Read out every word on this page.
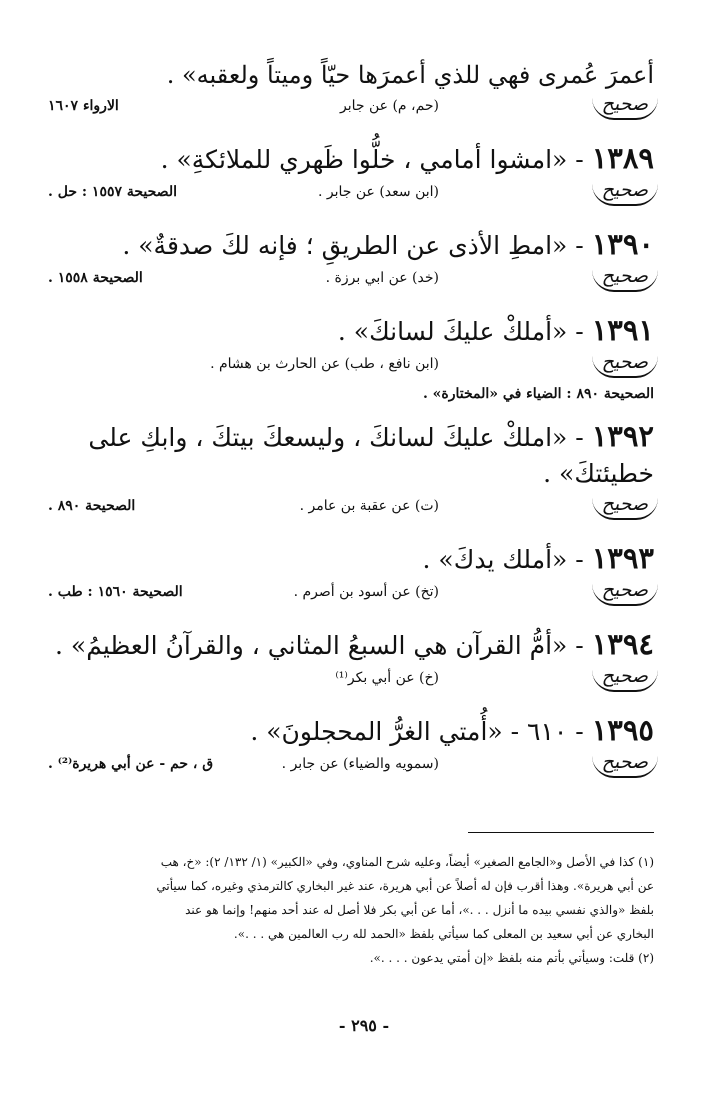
أعمرَ عُمرى فهي للذي أعمرَها حيّاً وميتاً ولعقبه» .
صحيح
(حم، م) عن جابر
الارواء ١٦٠٧
١٣٨٩ - «امشوا أمامي ، خلُّوا ظَهري للملائكةِ» .
صحيح
(ابن سعد) عن جابر .
الصحيحة ١٥٥٧ : حل .
١٣٩٠ - «امطِ الأذى عن الطريقِ ؛ فإنه لكَ صدقةٌ» .
صحيح
(خد) عن ابي برزة .
الصحيحة ١٥٥٨ .
١٣٩١ - «أملكْ عليكَ لسانكَ» .
صحيح
(ابن نافع ، طب) عن الحارث بن هشام .
الصحيحة ٨٩٠ : الضياء في «المختارة» .
١٣٩٢ - «املكْ عليكَ لسانكَ ، وليسعكَ بيتكَ ، وابكِ على
خطيئتكَ» .
صحيح
(ت) عن عقبة بن عامر .
الصحيحة ٨٩٠ .
١٣٩٣ - «أملك يدكَ» .
صحيح
(تخ) عن أسود بن أصرم .
الصحيحة ١٥٦٠ : طب .
١٣٩٤ - «أمُّ القرآن هي السبعُ المثاني ، والقرآنُ العظيمُ» .
صحيح
(خ) عن أبي بكر⁽¹⁾
١٣٩٥ - ٦١٠ - «أُمتي الغرُّ المحجلونَ» .
صحيح
(سمويه والضياء) عن جابر .
ق ، حم - عن أبي هريرة⁽²⁾ .
(١) كذا في الأصل و«الجامع الصغير» أيضاً، وعليه شرح المناوي، وفي «الكبير» (١/ ١٣٢/ ٢): «خ، هب
عن أبي هريرة». وهذا أقرب فإن له أصلاً عن أبي هريرة، عند غير البخاري كالترمذي وغيره، كما سيأتي
بلفظ «والذي نفسي بيده ما أنزل . . .»، أما عن أبي بكر فلا أصل له عند أحد منهم! وإنما هو عند
البخاري عن أبي سعيد بن المعلى كما سيأتي بلفظ «الحمد لله رب العالمين هي . . .».
(٢) قلت: وسيأتي بأتم منه بلفظ «إن أمتي يدعون . . . .».
- ٢٩٥ -
